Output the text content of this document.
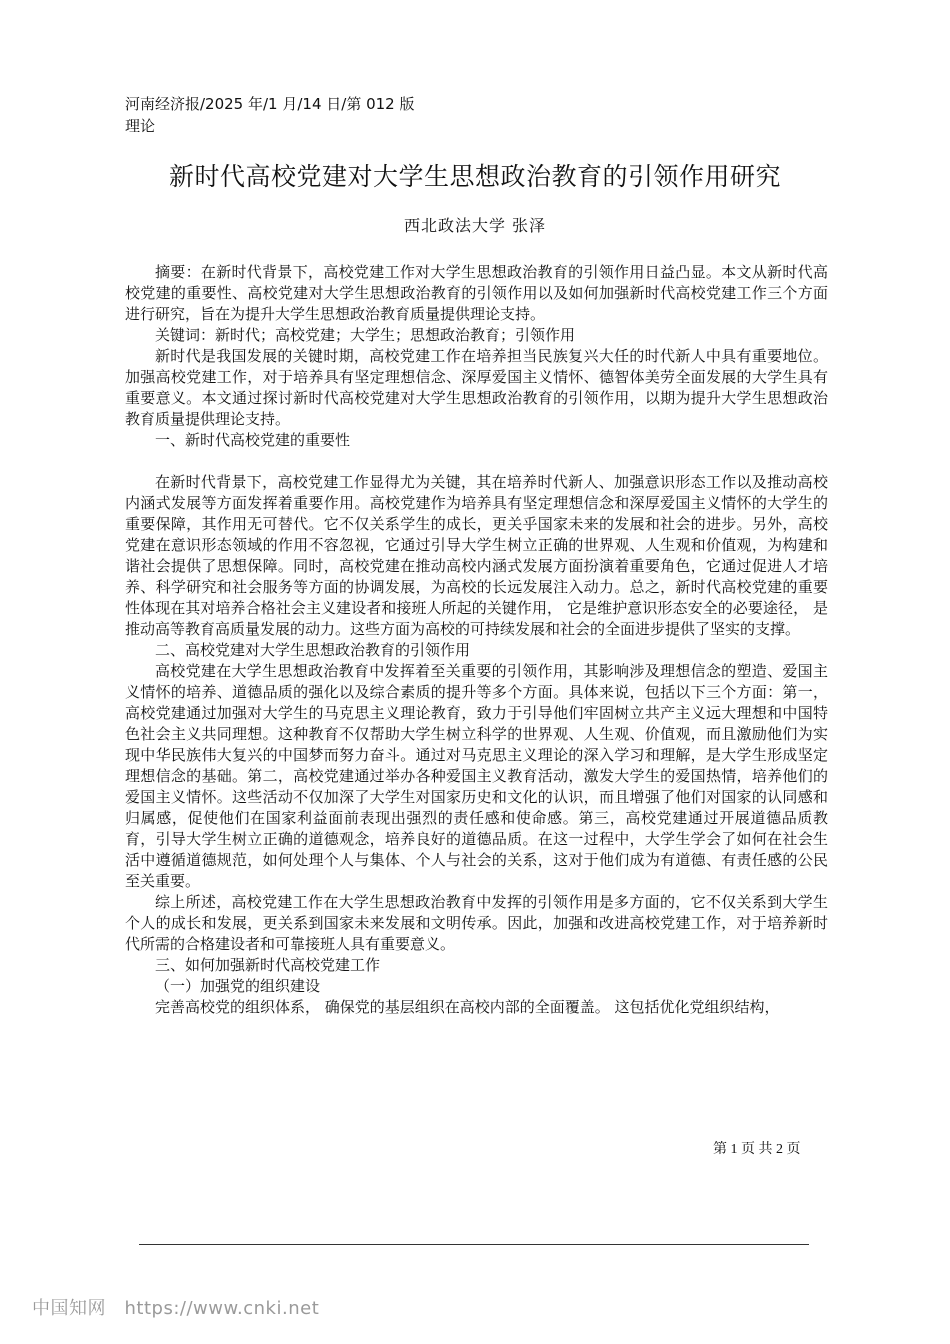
河南经济报/2025 年/1 月/14 日/第 012 版理论
新时代高校党建对大学生思想政治教育的引领作用研究
西北政法大学 张泽

摘要：在新时代背景下，高校党建工作对大学生思想政治教育的引领作用日益凸显。本文从新时代高校党建的重要性、高校党建对大学生思想政治教育的引领作用以及如何加强新时代高校党建工作三个方面进行研究，旨在为提升大学生思想政治教育质量提供理论支持。

关键词：新时代；高校党建；大学生；思想政治教育；引领作用

新时代是我国发展的关键时期，高校党建工作在培养担当民族复兴大任的时代新人中具有重要地位。加强高校党建工作，对于培养具有坚定理想信念、深厚爱国主义情怀、德智体美劳全面发展的大学生具有重要意义。本文通过探讨新时代高校党建对大学生思想政治教育的引领作用，以期为提升大学生思想政治教育质量提供理论支持。

一、新时代高校党建的重要性

在新时代背景下，高校党建工作显得尤为关键，其在培养时代新人、加强意识形态工作以及推动高校内涵式发展等方面发挥着重要作用。高校党建作为培养具有坚定理想信念和深厚爱国主义情怀的大学生的重要保障，其作用无可替代。它不仅关系学生的成长，更关乎国家未来的发展和社会的进步。另外，高校党建在意识形态领域的作用不容忽视，它通过引导大学生树立正确的世界观、人生观和价值观，为构建和谐社会提供了思想保障。同时，高校党建在推动高校内涵式发展方面扮演着重要角色，它通过促进人才培养、科学研究和社会服务等方面的协调发展，为高校的长远发展注入动力。总之，新时代高校党建的重要性体现在其对培养合格社会主义建设者和接班人所起的关键作用， 它是维护意识形态安全的必要途径， 是推动高等教育高质量发展的动力。这些方面为高校的可持续发展和社会的全面进步提供了坚实的支撑。

二、高校党建对大学生思想政治教育的引领作用

高校党建在大学生思想政治教育中发挥着至关重要的引领作用，其影响涉及理想信念的塑造、爱国主义情怀的培养、道德品质的强化以及综合素质的提升等多个方面。具体来说，包括以下三个方面：第一，高校党建通过加强对大学生的马克思主义理论教育，致力于引导他们牢固树立共产主义远大理想和中国特色社会主义共同理想。这种教育不仅帮助大学生树立科学的世界观、人生观、价值观，而且激励他们为实现中华民族伟大复兴的中国梦而努力奋斗。通过对马克思主义理论的深入学习和理解，是大学生形成坚定理想信念的基础。第二，高校党建通过举办各种爱国主义教育活动，激发大学生的爱国热情，培养他们的爱国主义情怀。这些活动不仅加深了大学生对国家历史和文化的认识，而且增强了他们对国家的认同感和归属感，促使他们在国家利益面前表现出强烈的责任感和使命感。第三，高校党建通过开展道德品质教育，引导大学生树立正确的道德观念，培养良好的道德品质。在这一过程中，大学生学会了如何在社会生活中遵循道德规范，如何处理个人与集体、个人与社会的关系，这对于他们成为有道德、有责任感的公民至关重要。

综上所述，高校党建工作在大学生思想政治教育中发挥的引领作用是多方面的，它不仅关系到大学生个人的成长和发展，更关系到国家未来发展和文明传承。因此，加强和改进高校党建工作，对于培养新时代所需的合格建设者和可靠接班人具有重要意义。

三、如何加强新时代高校党建工作

（一）加强党的组织建设

完善高校党的组织体系， 确保党的基层组织在高校内部的全面覆盖。 这包括优化党组织结构，

第 1 页 共 2 页
中国知网　https://www.cnki.net
